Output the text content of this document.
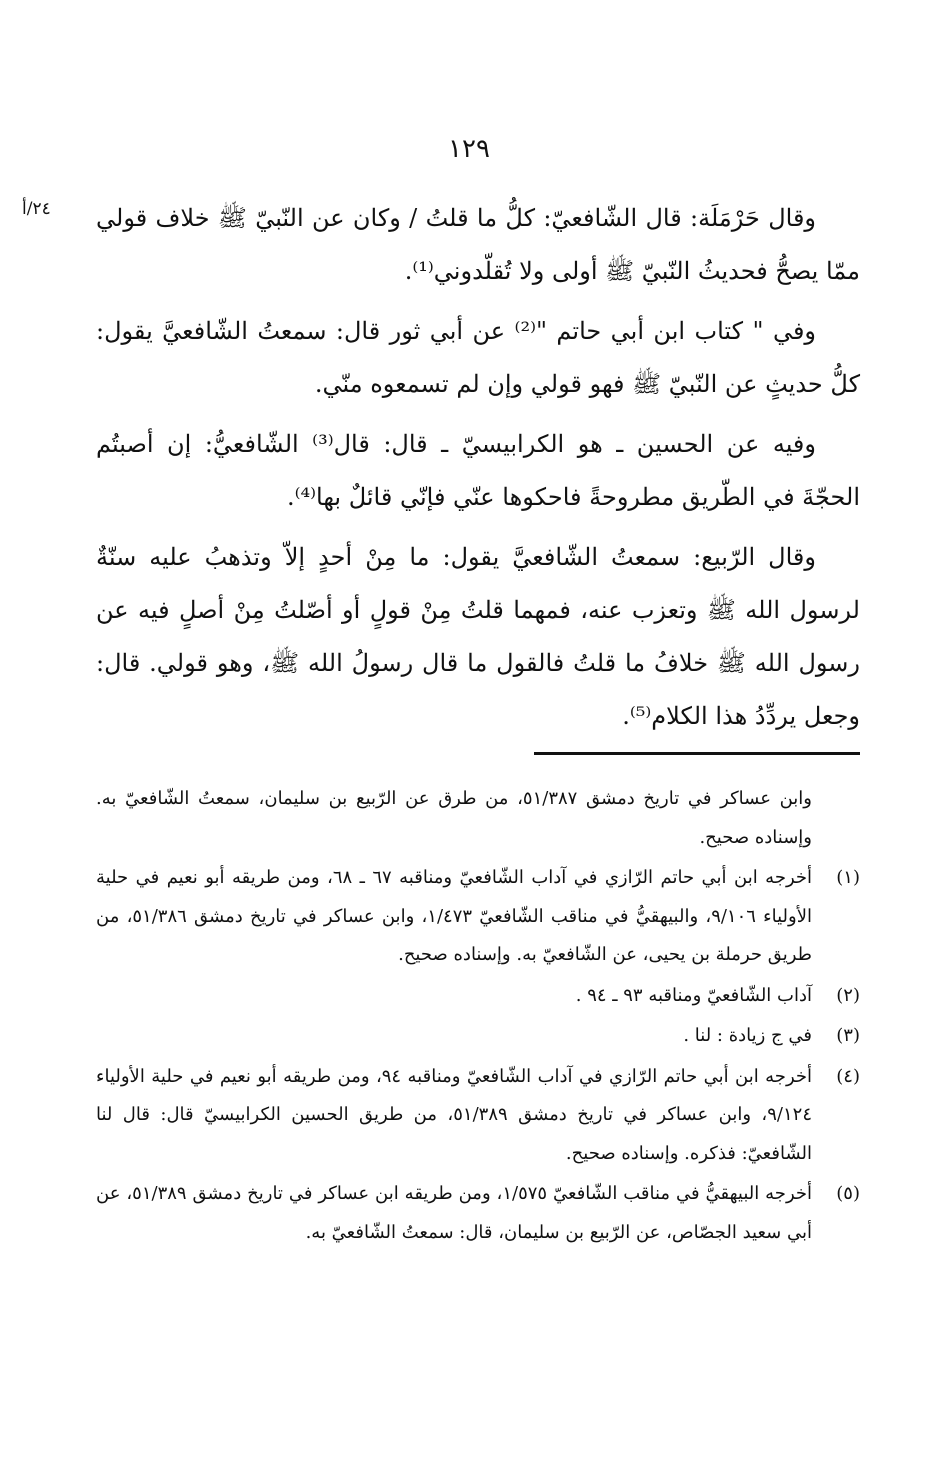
١٢٩
٢٤/أ	وقال حَرْمَلَة: قال الشّافعيّ: كلُّ ما قلتُ / وكان عن النّبيّ ﷺ خلاف قولي ممّا يصحُّ فحديثُ النّبيّ ﷺ أولى ولا تُقلّدوني⁽¹⁾.

وفي " كتاب ابن أبي حاتم "⁽²⁾ عن أبي ثور قال: سمعتُ الشّافعيَّ يقول: كلُّ حديثٍ عن النّبيّ ﷺ فهو قولي وإن لم تسمعوه منّي.

وفيه عن الحسين ـ هو الكرابيسيّ ـ قال: قال⁽³⁾ الشّافعيُّ: إن أصبتُم الحجّةَ في الطّريق مطروحةً فاحكوها عنّي فإنّي قائلٌ بها⁽⁴⁾.

وقال الرّبيع: سمعتُ الشّافعيَّ يقول: ما مِنْ أحدٍ إلاّ وتذهبُ عليه سنّةٌ لرسول الله ﷺ وتعزب عنه، فمهما قلتُ مِنْ قولٍ أو أصّلتُ مِنْ أصلٍ فيه عن رسول الله ﷺ خلافُ ما قلتُ فالقول ما قال رسولُ الله ﷺ، وهو قولي. قال: وجعل يردِّدُ هذا الكلام⁽⁵⁾.

وابن عساكر في تاريخ دمشق ٥١/٣٨٧، من طرق عن الرّبيع بن سليمان، سمعتُ الشّافعيّ به. وإسناده صحيح.
(١)
أخرجه ابن أبي حاتم الرّازي في آداب الشّافعيّ ومناقبه ٦٧ ـ ٦٨، ومن طريقه أبو نعيم في حلية الأولياء ٩/١٠٦، والبيهقيُّ في مناقب الشّافعيّ ١/٤٧٣، وابن عساكر في تاريخ دمشق ٥١/٣٨٦، من طريق حرملة بن يحيى، عن الشّافعيّ به. وإسناده صحيح.
(٢)
آداب الشّافعيّ ومناقبه ٩٣ ـ ٩٤ .
(٣)
في ج زيادة : لنا .
(٤)
أخرجه ابن أبي حاتم الرّازي في آداب الشّافعيّ ومناقبه ٩٤، ومن طريقه أبو نعيم في حلية الأولياء ٩/١٢٤، وابن عساكر في تاريخ دمشق ٥١/٣٨٩، من طريق الحسين الكرابيسيّ قال: قال لنا الشّافعيّ: فذكره. وإسناده صحيح.
(٥)
أخرجه البيهقيُّ في مناقب الشّافعيّ ١/٥٧٥، ومن طريقه ابن عساكر في تاريخ دمشق ٥١/٣٨٩، عن أبي سعيد الجصّاص، عن الرّبيع بن سليمان، قال: سمعتُ الشّافعيّ به.
